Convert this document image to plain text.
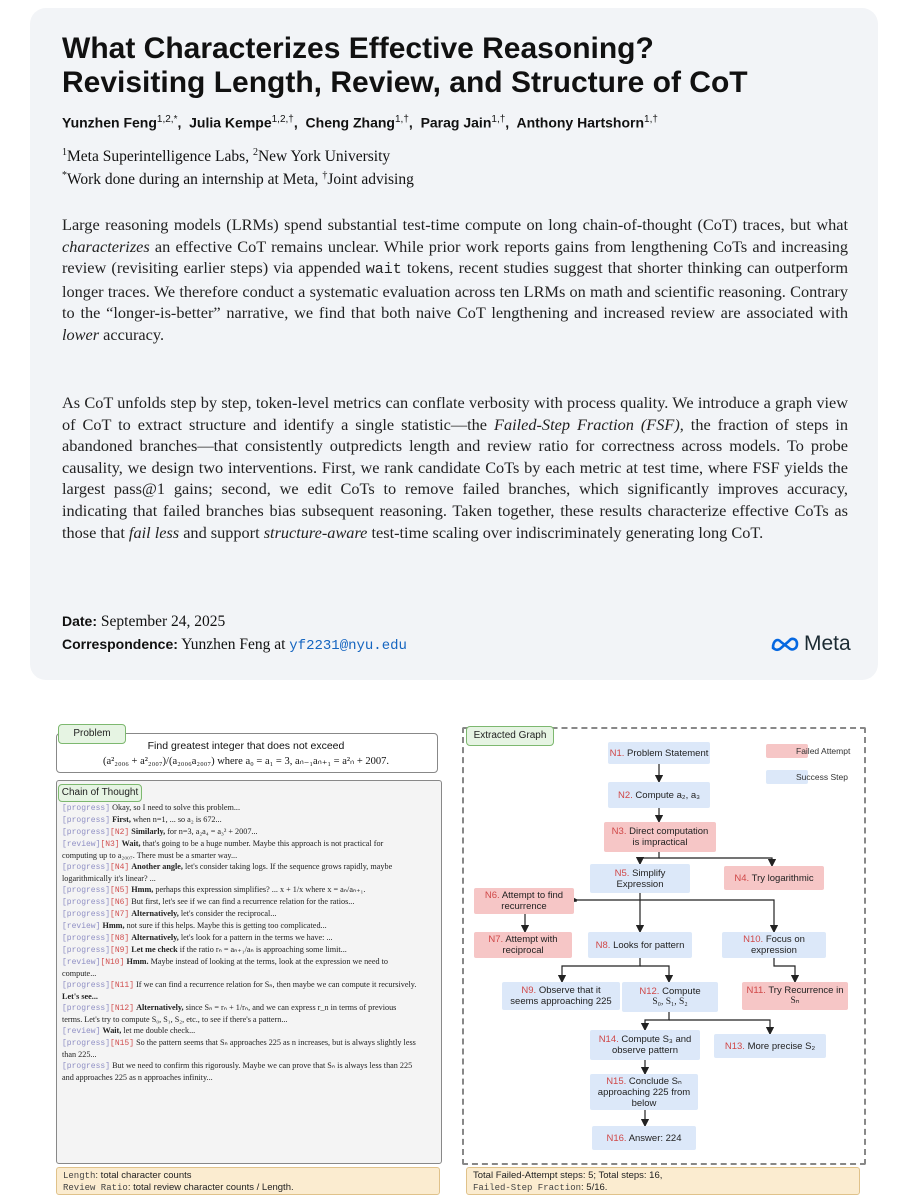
What Characterizes Effective Reasoning?
Revisiting Length, Review, and Structure of CoT
Yunzhen Feng$^{1,2,*}$,  Julia Kempe$^{1,2,\dagger}$,  Cheng Zhang$^{1,\dagger}$,  Parag Jain$^{1,\dagger}$,  Anthony Hartshorn$^{1,\dagger}$
$^1$Meta Superintelligence Labs, $^2$New York University
*Work done during an internship at Meta, †Joint advising
Large reasoning models (LRMs) spend substantial test-time compute on long chain-of-thought (CoT) traces, but what characterizes an effective CoT remains unclear. While prior work reports gains from lengthening CoTs and increasing review (revisiting earlier steps) via appended wait tokens, recent studies suggest that shorter thinking can outperform longer traces. We therefore conduct a systematic evaluation across ten LRMs on math and scientific reasoning. Contrary to the “longer-is-better” narrative, we find that both naive CoT lengthening and increased review are associated with lower accuracy.
As CoT unfolds step by step, token-level metrics can conflate verbosity with process quality. We introduce a graph view of CoT to extract structure and identify a single statistic—the Failed-Step Fraction (FSF), the fraction of steps in abandoned branches—that consistently outpredicts length and review ratio for correctness across models. To probe causality, we design two interventions. First, we rank candidate CoTs by each metric at test time, where FSF yields the largest pass@1 gains; second, we edit CoTs to remove failed branches, which significantly improves accuracy, indicating that failed branches bias subsequent reasoning. Taken together, these results characterize effective CoTs as those that fail less and support structure-aware test-time scaling over indiscriminately generating long CoT.
Date: September 24, 2025
Correspondence: Yunzhen Feng at yf2231@nyu.edu	Meta
Problem
Find greatest integer that does not exceed
(a²₂₀₀₆ + a²₂₀₀₇)/(a₂₀₀₆a₂₀₀₇) where a₀ = a₁ = 3, aₙ₋₁aₙ₊₁ = a²ₙ + 2007.
Chain of Thought
[progress] Okay, so I need to solve this problem...
[progress] First, when n=1, ... so a₂ is 672...
[progress][N2] Similarly, for n=3, a₂a₄ = a₃² + 2007...
[review][N3] Wait, that's going to be a huge number. Maybe this approach is not practical for
computing up to a₂₀₀₇. There must be a smarter way...
[progress][N4] Another angle, let's consider taking logs. If the sequence grows rapidly, maybe
logarithmically it's linear? ...
[progress][N5] Hmm, perhaps this expression simplifies? ... x + 1/x where x = aₙ/aₙ₊₁.
[progress][N6] But first, let's see if we can find a recurrence relation for the ratios...
[progress][N7] Alternatively, let's consider the reciprocal...
[review] Hmm, not sure if this helps. Maybe this is getting too complicated...
[progress][N8] Alternatively, let's look for a pattern in the terms we have: ...
[progress][N9] Let me check if the ratio rₙ = aₙ₊₁/aₙ is approaching some limit...
[review][N10] Hmm. Maybe instead of looking at the terms, look at the expression we need to
compute...
[progress][N11] If we can find a recurrence relation for Sₙ, then maybe we can compute it recursively.
Let's see...
[progress][N12] Alternatively, since Sₙ = rₙ + 1/rₙ, and we can express r_n in terms of previous
terms. Let's try to compute S₀, S₁, S₂, etc., to see if there's a pattern...
[review] Wait, let me double check...
[progress][N15] So the pattern seems that Sₙ approaches 225 as n increases, but is always slightly less
than 225...
[progress] But we need to confirm this rigorously. Maybe we can prove that Sₙ is always less than 225
and approaches 225 as n approaches infinity...
Length: total character counts
Review Ratio: total review character counts / Length.
Extracted Graph
Failed Attempt
Success Step
N1. Problem Statement
N2. Compute a₂, a₃
N3. Direct computation
is impractical
N5. Simplify
Expression
N4. Try logarithmic
N6. Attempt to find
recurrence
N7. Attempt with
reciprocal	N8. Looks for pattern	N10. Focus on
expression
N9. Observe that it
seems approaching 225
N12. Compute
S₀, S₁, S₂
N11. Try Recurrence in
Sₙ
N14. Compute S₃ and
observe pattern	N13. More precise S₂
N15. Conclude Sₙ
approaching 225 from
below
N16. Answer: 224
Total Failed-Attempt steps: 5; Total steps: 16,
Failed-Step Fraction: 5/16.
